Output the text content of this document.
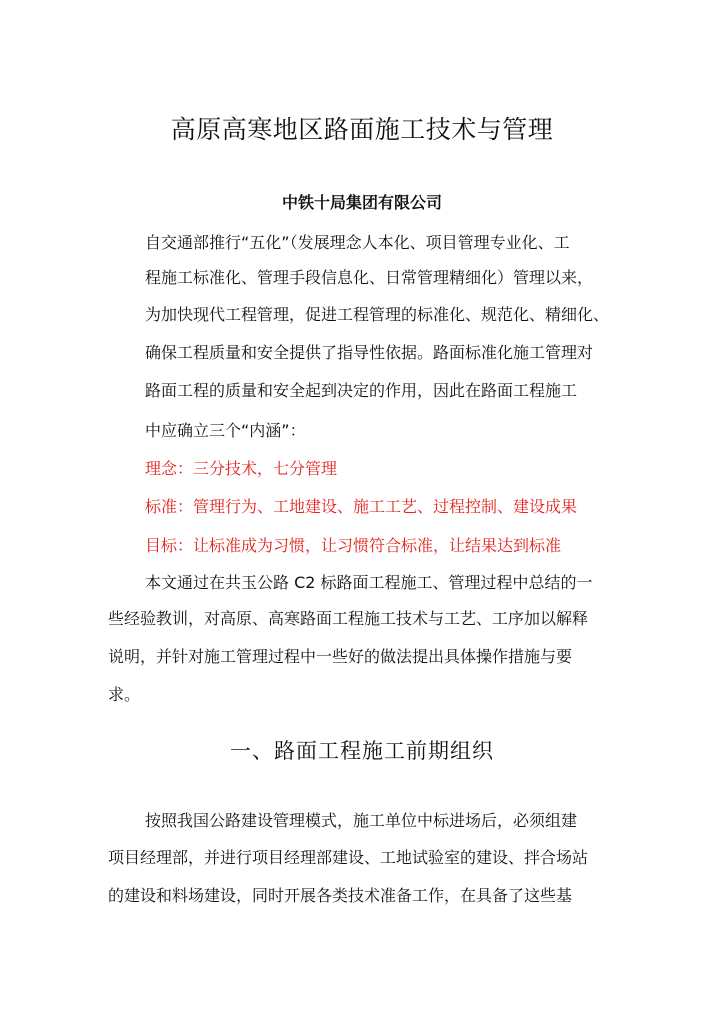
高原高寒地区路面施工技术与管理
中铁十局集团有限公司
自交通部推行“五化”（发展理念人本化、项目管理专业化、工
程施工标准化、管理手段信息化、日常管理精细化）管理以来，
为加快现代工程管理，促进工程管理的标准化、规范化、精细化、
确保工程质量和安全提供了指导性依据。路面标准化施工管理对
路面工程的质量和安全起到决定的作用，因此在路面工程施工
中应确立三个“内涵”：
理念：三分技术，七分管理
标准：管理行为、工地建设、施工工艺、过程控制、建设成果
目标：让标准成为习惯，让习惯符合标准，让结果达到标准
本文通过在共玉公路 C2 标路面工程施工、管理过程中总结的一
些经验教训，对高原、高寒路面工程施工技术与工艺、工序加以解释
说明，并针对施工管理过程中一些好的做法提出具体操作措施与要
求。
一、路面工程施工前期组织
按照我国公路建设管理模式，施工单位中标进场后，必须组建
项目经理部，并进行项目经理部建设、工地试验室的建设、拌合场站
的建设和料场建设，同时开展各类技术准备工作，在具备了这些基
